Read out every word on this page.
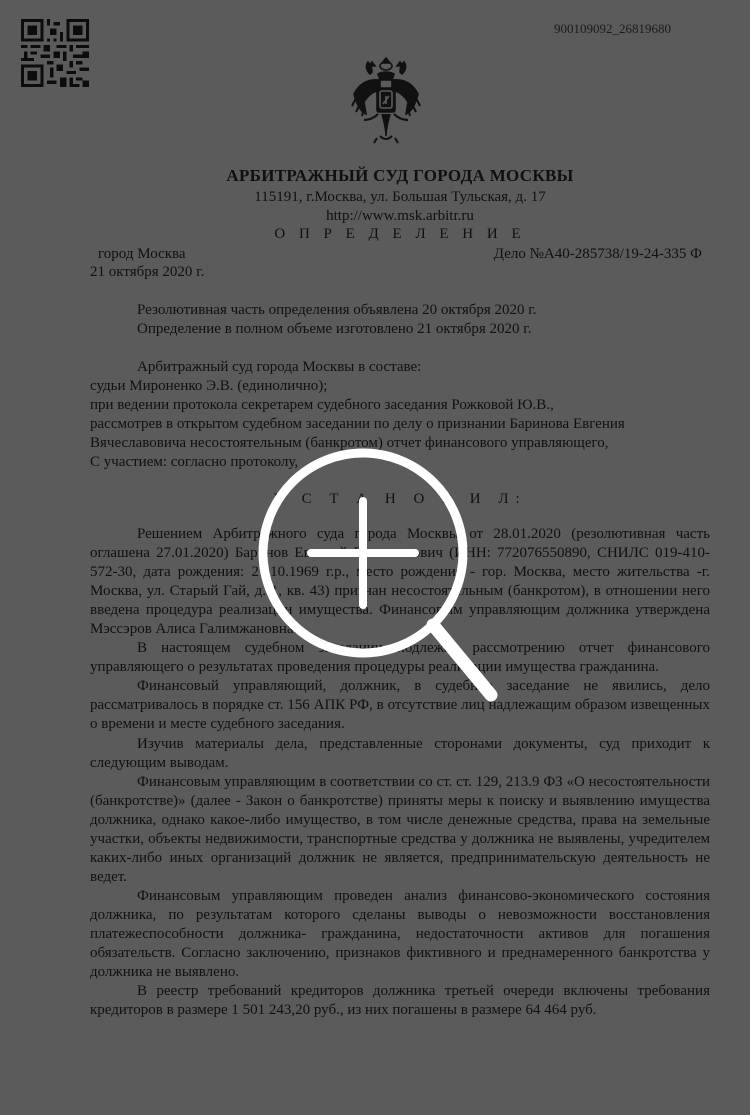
900109092_26819680
АРБИТРАЖНЫЙ СУД ГОРОДА МОСКВЫ
115191, г.Москва, ул. Большая Тульская, д. 17
http://www.msk.arbitr.ru
О П Р Е Д Е Л Е Н И Е
город Москва	Дело №А40-285738/19-24-335 Ф
21 октября 2020 г.
Резолютивная часть определения объявлена 20 октября 2020 г.
Определение в полном объеме изготовлено 21 октября 2020 г.
Арбитражный суд города Москвы в составе:
судьи Мироненко Э.В. (единолично);
при ведении протокола секретарем судебного заседания Рожковой Ю.В.,
рассмотрев в открытом судебном заседании по делу о признании Баринова Евгения
Вячеславовича несостоятельным (банкротом) отчет финансового управляющего,
С участием: согласно протоколу,
У С Т А Н О В И Л:

Решением Арбитражного суда города Москвы от 28.01.2020 (резолютивная часть оглашена 27.01.2020) Баринов Евгений Вячеславович (ИНН: 772076550890, СНИЛС 019-410-572-30, дата рождения: 27.10.1969 г.р., место рождения - гор. Москва, место жительства -г. Москва, ул. Старый Гай, д. 1, кв. 43) признан несостоятельным (банкротом), в отношении него введена процедура реализации имущества. Финансовым управляющим должника утверждена Мэссэров Алиса Галимжановна.

В настоящем судебном заседании подлежал рассмотрению отчет финансового управляющего о результатах проведения процедуры реализации имущества гражданина.

Финансовый управляющий, должник, в судебное заседание не явились, дело рассматривалось в порядке ст. 156 АПК РФ, в отсутствие лиц надлежащим образом извещенных о времени и месте судебного заседания.

Изучив материалы дела, представленные сторонами документы, суд приходит к следующим выводам.

Финансовым управляющим в соответствии со ст. ст. 129, 213.9 ФЗ «О несостоятельности (банкротстве)» (далее - Закон о банкротстве) приняты меры к поиску и выявлению имущества должника, однако какое-либо имущество, в том числе денежные средства, права на земельные участки, объекты недвижимости, транспортные средства у должника не выявлены, учредителем каких-либо иных организаций должник не является, предпринимательскую деятельность не ведет.

Финансовым управляющим проведен анализ финансово-экономического состояния должника, по результатам которого сделаны выводы о невозможности восстановления платежеспособности должника- гражданина, недостаточности активов для погашения обязательств. Согласно заключению, признаков фиктивного и преднамеренного банкротства у должника не выявлено.

В реестр требований кредиторов должника третьей очереди включены требования кредиторов в размере 1 501 243,20 руб., из них погашены в размере 64 464 руб.
